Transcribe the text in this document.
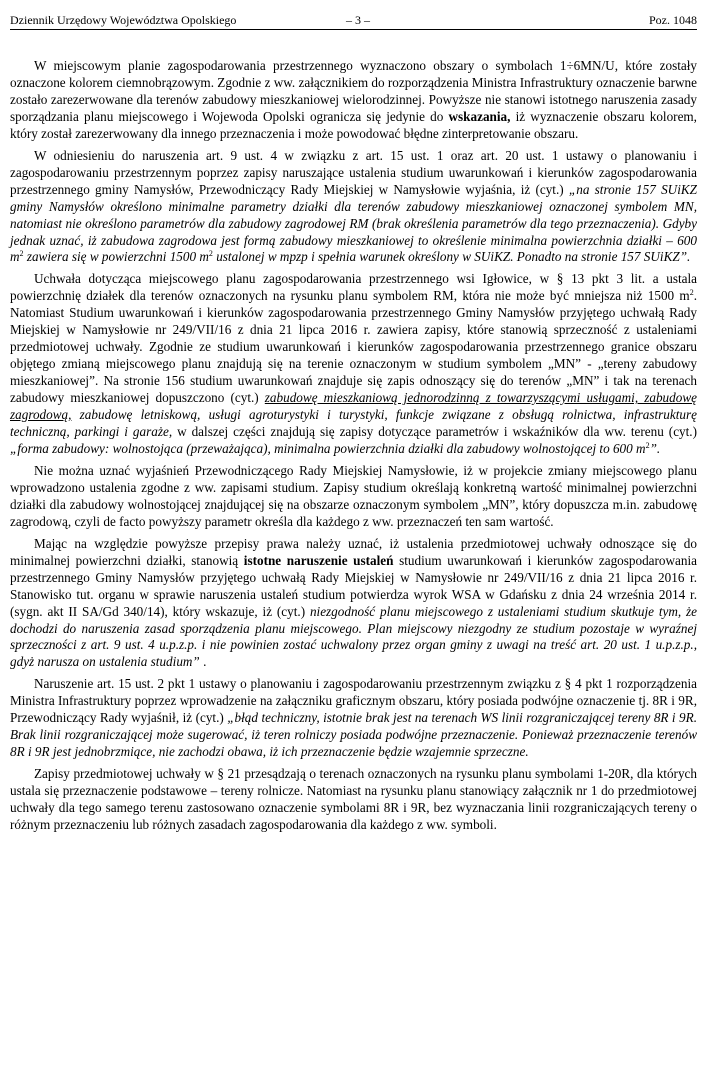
Dziennik Urzędowy Województwa Opolskiego	– 3 –	Poz. 1048

W miejscowym planie zagospodarowania przestrzennego wyznaczono obszary o symbolach 1÷6MN/U, które zostały oznaczone kolorem ciemnobrązowym. Zgodnie z ww. załącznikiem do rozporządzenia Ministra Infrastruktury oznaczenie barwne zostało zarezerwowane dla terenów zabudowy mieszkaniowej wielorodzinnej. Powyższe nie stanowi istotnego naruszenia zasady sporządzania planu miejscowego i Wojewoda Opolski ogranicza się jedynie do wskazania, iż wyznaczenie obszaru kolorem, który został zarezerwowany dla innego przeznaczenia i może powodować błędne zinterpretowanie obszaru.

W odniesieniu do naruszenia art. 9 ust. 4 w związku z art. 15 ust. 1 oraz art. 20 ust. 1 ustawy o planowaniu i zagospodarowaniu przestrzennym poprzez zapisy naruszające ustalenia studium uwarunkowań i kierunków zagospodarowania przestrzennego gminy Namysłów, Przewodniczący Rady Miejskiej w Namysłowie wyjaśnia, iż (cyt.) „na stronie 157 SUiKZ gminy Namysłów określono minimalne parametry działki dla terenów zabudowy mieszkaniowej oznaczonej symbolem MN, natomiast nie określono parametrów dla zabudowy zagrodowej RM (brak określenia parametrów dla tego przeznaczenia). Gdyby jednak uznać, iż zabudowa zagrodowa jest formą zabudowy mieszkaniowej to określenie minimalna powierzchnia działki – 600 $m^2$ zawiera się w powierzchni 1500 $m^2$ ustalonej w mpzp i spełnia warunek określony w SUiKZ. Ponadto na stronie 157 SUiKZ”.

Uchwała dotycząca miejscowego planu zagospodarowania przestrzennego wsi Igłowice, w § 13 pkt 3 lit. a ustala powierzchnię działek dla terenów oznaczonych na rysunku planu symbolem RM, która nie może być mniejsza niż 1500 $m^2$. Natomiast Studium uwarunkowań i kierunków zagospodarowania przestrzennego Gminy Namysłów przyjętego uchwałą Rady Miejskiej w Namysłowie nr 249/VII/16 z dnia 21 lipca 2016 r. zawiera zapisy, które stanowią sprzeczność z ustaleniami przedmiotowej uchwały. Zgodnie ze studium uwarunkowań i kierunków zagospodarowania przestrzennego granice obszaru objętego zmianą miejscowego planu znajdują się na terenie oznaczonym w studium symbolem „MN” - „tereny zabudowy mieszkaniowej”. Na stronie 156 studium uwarunkowań znajduje się zapis odnoszący się do terenów „MN” i tak na terenach zabudowy mieszkaniowej dopuszczono (cyt.) zabudowę mieszkaniową jednorodzinną z towarzyszącymi usługami, zabudowę zagrodową, zabudowę letniskową, usługi agroturystyki i turystyki, funkcje związane z obsługą rolnictwa, infrastrukturę techniczną, parkingi i garaże, w dalszej części znajdują się zapisy dotyczące parametrów i wskaźników dla ww. terenu (cyt.) „forma zabudowy: wolnostojąca (przeważająca), minimalna powierzchnia działki dla zabudowy wolnostojącej to 600 $m^2$”.

Nie można uznać wyjaśnień Przewodniczącego Rady Miejskiej Namysłowie, iż w projekcie zmiany miejscowego planu wprowadzono ustalenia zgodne z ww. zapisami studium. Zapisy studium określają konkretną wartość minimalnej powierzchni działki dla zabudowy wolnostojącej znajdującej się na obszarze oznaczonym symbolem „MN”, który dopuszcza m.in. zabudowę zagrodową, czyli de facto powyższy parametr określa dla każdego z ww. przeznaczeń ten sam wartość.

Mając na względzie powyższe przepisy prawa należy uznać, iż ustalenia przedmiotowej uchwały odnoszące się do minimalnej powierzchni działki, stanowią istotne naruszenie ustaleń studium uwarunkowań i kierunków zagospodarowania przestrzennego Gminy Namysłów przyjętego uchwałą Rady Miejskiej w Namysłowie nr 249/VII/16 z dnia 21 lipca 2016 r. Stanowisko tut. organu w sprawie naruszenia ustaleń studium potwierdza wyrok WSA w Gdańsku z dnia 24 września 2014 r. (sygn. akt II SA/Gd 340/14), który wskazuje, iż (cyt.) niezgodność planu miejscowego z ustaleniami studium skutkuje tym, że dochodzi do naruszenia zasad sporządzenia planu miejscowego. Plan miejscowy niezgodny ze studium pozostaje w wyraźnej sprzeczności z art. 9 ust. 4 u.p.z.p. i nie powinien zostać uchwalony przez organ gminy z uwagi na treść art. 20 ust. 1 u.p.z.p., gdyż narusza on ustalenia studium” .

Naruszenie art. 15 ust. 2 pkt 1 ustawy o planowaniu i zagospodarowaniu przestrzennym związku z § 4 pkt 1 rozporządzenia Ministra Infrastruktury poprzez wprowadzenie na załączniku graficznym obszaru, który posiada podwójne oznaczenie tj. 8R i 9R, Przewodniczący Rady wyjaśnił, iż (cyt.) „błąd techniczny, istotnie brak jest na terenach WS linii rozgraniczającej tereny 8R i 9R. Brak linii rozgraniczającej może sugerować, iż teren rolniczy posiada podwójne przeznaczenie. Ponieważ przeznaczenie terenów 8R i 9R jest jednobrzmiące, nie zachodzi obawa, iż ich przeznaczenie będzie wzajemnie sprzeczne.

Zapisy przedmiotowej uchwały w § 21 przesądzają o terenach oznaczonych na rysunku planu symbolami 1-20R, dla których ustala się przeznaczenie podstawowe – tereny rolnicze. Natomiast na rysunku planu stanowiący załącznik nr 1 do przedmiotowej uchwały dla tego samego terenu zastosowano oznaczenie symbolami 8R i 9R, bez wyznaczania linii rozgraniczających tereny o różnym przeznaczeniu lub różnych zasadach zagospodarowania dla każdego z ww. symboli.
